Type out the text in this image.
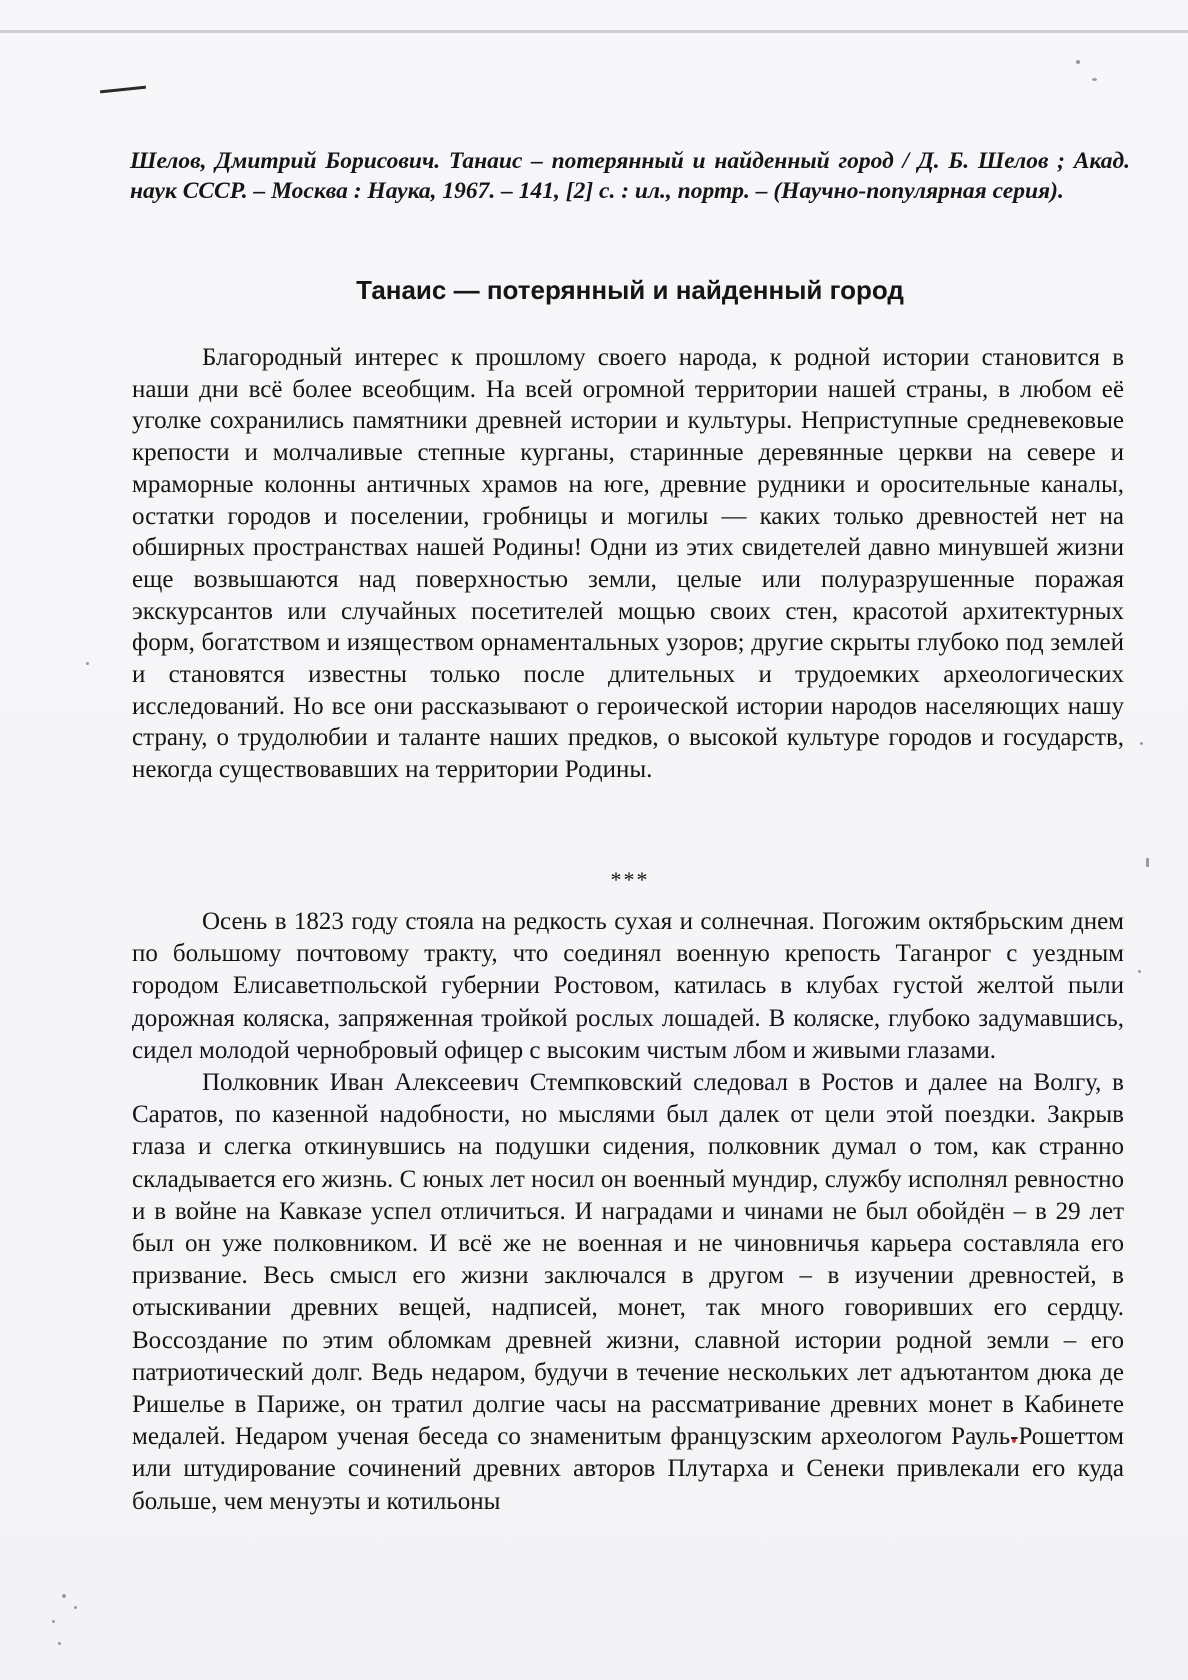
Шелов, Дмитрий Борисович. Танаис – потерянный и найденный город / Д. Б. Шелов ; Акад. наук СССР. – Москва : Наука, 1967. – 141, [2] с. : ил., портр. – (Научно-популярная серия).
Танаис — потерянный и найденный город

Благородный интерес к прошлому своего народа, к родной истории становится в наши дни всё более всеобщим. На всей огромной территории нашей страны, в любом её уголке сохранились памятники древней истории и культуры. Неприступные средневековые крепости и молчаливые степные курганы, старинные деревянные церкви на севере и мраморные колонны античных храмов на юге, древние рудники и оросительные каналы, остатки городов и поселении, гробницы и могилы — каких только древностей нет на обширных пространствах нашей Родины! Одни из этих свидетелей давно минувшей жизни еще возвышаются над поверхностью земли, целые или полуразрушенные поражая экскурсантов или случайных посетителей мощью своих стен, красотой архитектурных форм, богатством и изяществом орнаментальных узоров; другие скрыты глубоко под землей и становятся известны только после длительных и трудоемких археологических исследований. Но все они рассказывают о героической истории народов населяющих нашу страну, о трудолюбии и таланте наших предков, о высокой культуре городов и государств, некогда существовавших на территории Родины.

***

Осень в 1823 году стояла на редкость сухая и солнечная. Погожим октябрьским днем по большому почтовому тракту, что соединял военную крепость Таганрог с уездным городом Елисаветпольской губернии Ростовом, катилась в клубах густой желтой пыли дорожная коляска, запряженная тройкой рослых лошадей. В коляске, глубоко задумавшись, сидел молодой чернобровый офицер с высоким чистым лбом и живыми глазами.

Полковник Иван Алексеевич Стемпковский следовал в Ростов и далее на Волгу, в Саратов, по казенной надобности, но мыслями был далек от цели этой поездки. Закрыв глаза и слегка откинувшись на подушки сидения, полковник думал о том, как странно складывается его жизнь. С юных лет носил он военный мундир, службу исполнял ревностно и в войне на Кавказе успел отличиться. И наградами и чинами не был обойдён – в 29 лет был он уже полковником. И всё же не военная и не чиновничья карьера составляла его призвание. Весь смысл его жизни заключался в другом – в изучении древностей, в отыскивании древних вещей, надписей, монет, так много говоривших его сердцу. Воссоздание по этим обломкам древней жизни, славной истории родной земли – его патриотический долг. Ведь недаром, будучи в течение нескольких лет адъютантом дюка де Ришелье в Париже, он тратил долгие часы на рассматривание древних монет в Кабинете медалей. Недаром ученая беседа со знаменитым французским археологом Рауль-Рошеттом или штудирование сочинений древних авторов Плутарха и Сенеки привлекали его куда больше, чем менуэты и котильоны
